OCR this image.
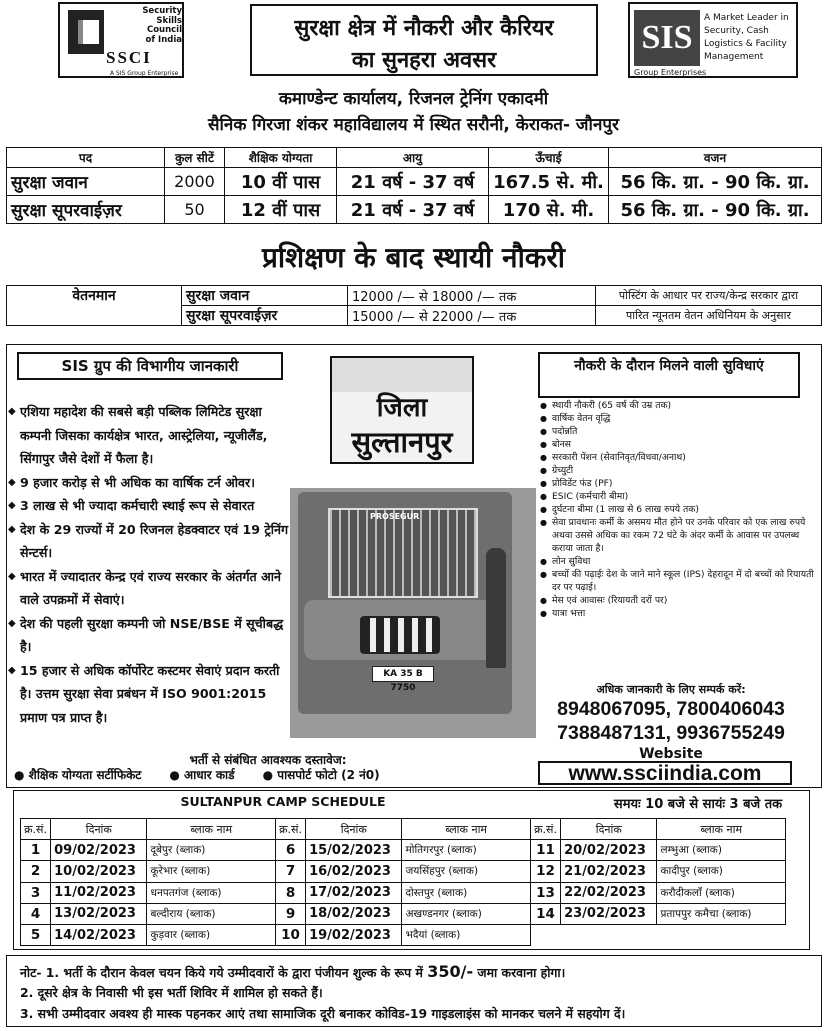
Security
Skills
Council
of India
SSCI
A SIS Group Enterprise
सुरक्षा क्षेत्र में नौकरी और कैरियर
का सुनहरा अवसर
SIS
A Market Leader in Security, Cash Logistics & Facility Management
Group Enterprises
कमाण्डेन्ट कार्यालय, रिजनल ट्रेनिंग एकादमी
सैनिक गिरजा शंकर महाविद्यालय में स्थित सरौनी, केराकत- जौनपुर
पद	कुल सीटें	शैक्षिक योग्यता	आयु	ऊँचाई	वजन
सुरक्षा जवान	2000	10 वीं पास	21 वर्ष - 37 वर्ष	167.5 से. मी.	56 कि. ग्रा. - 90 कि. ग्रा.
सुरक्षा सूपरवाईज़र	50	12 वीं पास	21 वर्ष - 37 वर्ष	170 से. मी.	56 कि. ग्रा. - 90 कि. ग्रा.
प्रशिक्षण के बाद स्थायी नौकरी
वेतनमान	सुरक्षा जवान	12000 /— से 18000 /— तक	पोस्टिंग के आधार पर राज्य/केन्द्र सरकार द्वारा
	सुरक्षा सूपरवाईज़र	15000 /— से 22000 /— तक	पारित न्यूनतम वेतन अधिनियम के अनुसार
SIS ग्रुप की विभागीय जानकारी
◆ एशिया महादेश की सबसे बड़ी पब्लिक लिमिटेड सुरक्षा कम्पनी जिसका कार्यक्षेत्र भारत, आस्ट्रेलिया, न्यूजीलैंड, सिंगापुर जैसे देशों में फैला है।
◆ 9 हजार करोड़ से भी अधिक का वार्षिक टर्न ओवर।
◆ 3 लाख से भी ज्यादा कर्मचारी स्थाई रूप से सेवारत
◆ देश के 29 राज्यों में 20 रिजनल हेडक्वाटर एवं 19 ट्रेनिंग सेन्टर्स।
◆ भारत में ज्यादातर केन्द्र एवं राज्य सरकार के अंतर्गत आने वाले उपक्रमों में सेवाएं।
◆ देश की पहली सुरक्षा कम्पनी जो NSE/BSE में सूचीबद्ध है।
◆ 15 हजार से अधिक कॉर्पोरेट कस्टमर सेवाएं प्रदान करती है। उत्तम सुरक्षा सेवा प्रबंधन में ISO 9001:2015 प्रमाण पत्र प्राप्त है।
जिला
सुल्तानपुर
PROSEGUR
KA 35 B 7750
नौकरी के दौरान मिलने वाली सुविधाएं
● स्थायी नौकरी (65 वर्ष की उम्र तक)
● वार्षिक वेतन वृद्धि
● पदोन्नति
● बोनस
● सरकारी पेंशन (सेवानिवृत/विधवा/अनाथ)
● ग्रेच्युटी
● प्रोविडेंट फंड (PF)
● ESIC (कर्मचारी बीमा)
● दुर्घटना बीमा (1 लाख से 6 लाख रुपये तक)
● सेवा प्रावधानः कर्मी के असमय मौत होने पर उनके परिवार को एक लाख रुपये अथवा उससे अधिक का रकम 72 घंटे के अंदर कर्मी के आवास पर उपलब्ध कराया जाता है।
● लोन सुविधा
● बच्चों की पढ़ाईः देश के जाने माने स्कूल (IPS) देहरादून में दो बच्चों को रियायती दर पर पढ़ाई।
● मेस एवं आवासः (रियायती दरों पर)
● यात्रा भत्ता
अधिक जानकारी के लिए सम्पर्क करें:
8948067095, 7800406043
7388487131, 9936755249
Website
www.ssciindia.com
भर्ती से संबंधित आवश्यक दस्तावेज:
● शैक्षिक योग्यता सर्टीफिकेट	● आधार कार्ड	● पासपोर्ट फोटो (2 नं0)
SULTANPUR CAMP SCHEDULE	समयः 10 बजे से सायंः 3 बजे तक
क्र.सं.	दिनांक	ब्लाक नाम	क्र.सं.	दिनांक	ब्लाक नाम	क्र.सं.	दिनांक	ब्लाक नाम
1	09/02/2023	दूबेपुर (ब्लाक)	6	15/02/2023	मोतिगरपुर (ब्लाक)	11	20/02/2023	लम्भुआ (ब्लाक)
2	10/02/2023	कूरेभार (ब्लाक)	7	16/02/2023	जयसिंहपुर (ब्लाक)	12	21/02/2023	कादीपुर (ब्लाक)
3	11/02/2023	धनपतगंज (ब्लाक)	8	17/02/2023	दोस्तपुर (ब्लाक)	13	22/02/2023	करौदीकलाँ (ब्लाक)
4	13/02/2023	बल्दीराय (ब्लाक)	9	18/02/2023	अखण्डनगर (ब्लाक)	14	23/02/2023	प्रतापपुर कमैचा (ब्लाक)
5	14/02/2023	कुड़वार (ब्लाक)	10	19/02/2023	भदैयां (ब्लाक)			
नोट- 1. भर्ती के दौरान केवल चयन किये गये उम्मीदवारों के द्वारा पंजीयन शुल्क के रूप में 350/- जमा करवाना होगा।
2. दूसरे क्षेत्र के निवासी भी इस भर्ती शिविर में शामिल हो सकते हैं।
3. सभी उम्मीदवार अवश्य ही मास्क पहनकर आएं तथा सामाजिक दूरी बनाकर कोविड-19 गाइडलाइंस को मानकर चलने में सहयोग दें।
